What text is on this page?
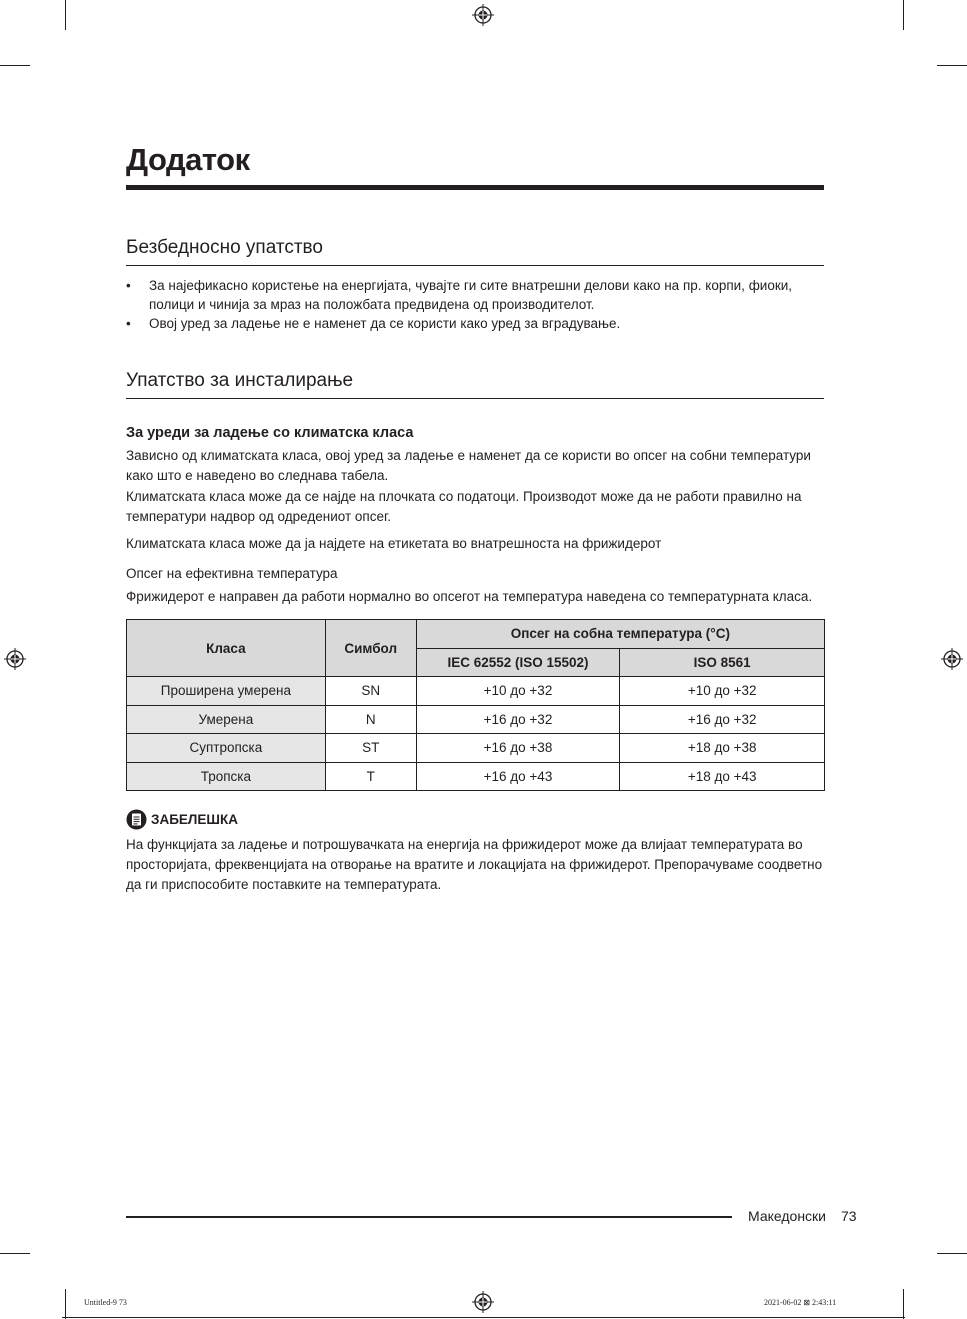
Додаток
Безбедносно упатство
• За најефикасно користење на енергијата, чувајте ги сите внатрешни делови како на пр. корпи, фиоки, полици и чинија за мраз на положбата предвидена од производителот.
• Овој уред за ладење не е наменет да се користи како уред за вградување.
Упатство за инсталирање
За уреди за ладење со климатска класа

Зависно од климатската класа, овој уред за ладење е наменет да се користи во опсег на собни температури како што е наведено во следнава табела.

Климатската класа може да се најде на плочката со податоци. Производот може да не работи правилно на температури надвор од одредениот опсег.

Климатската класа може да ја најдете на етикетата во внатрешноста на фрижидерот

Опсег на ефективна температура

Фрижидерот е направен да работи нормално во опсегот на температура наведена со температурната класа.

Класа	Симбол	Опсег на собна температура (°C)	
		IEC 62552 (ISO 15502)	ISO 8561
Проширена умерена	SN	+10 до +32	+10 до +32
Умерена	N	+16 до +32	+16 до +32
Суптропска	ST	+16 до +38	+18 до +38
Тропска	T	+16 до +43	+18 до +43
ЗАБЕЛЕШКА

На функцијата за ладење и потрошувачката на енергија на фрижидерот може да влијаат температурата во просторијата, фреквенцијата на отворање на вратите и локацијата на фрижидерот. Препорачуваме соодветно да ги приспособите поставките на температурата.

Македонски 73
Untitled-9 73	2021-06-02 ⊠ 2:43:11
